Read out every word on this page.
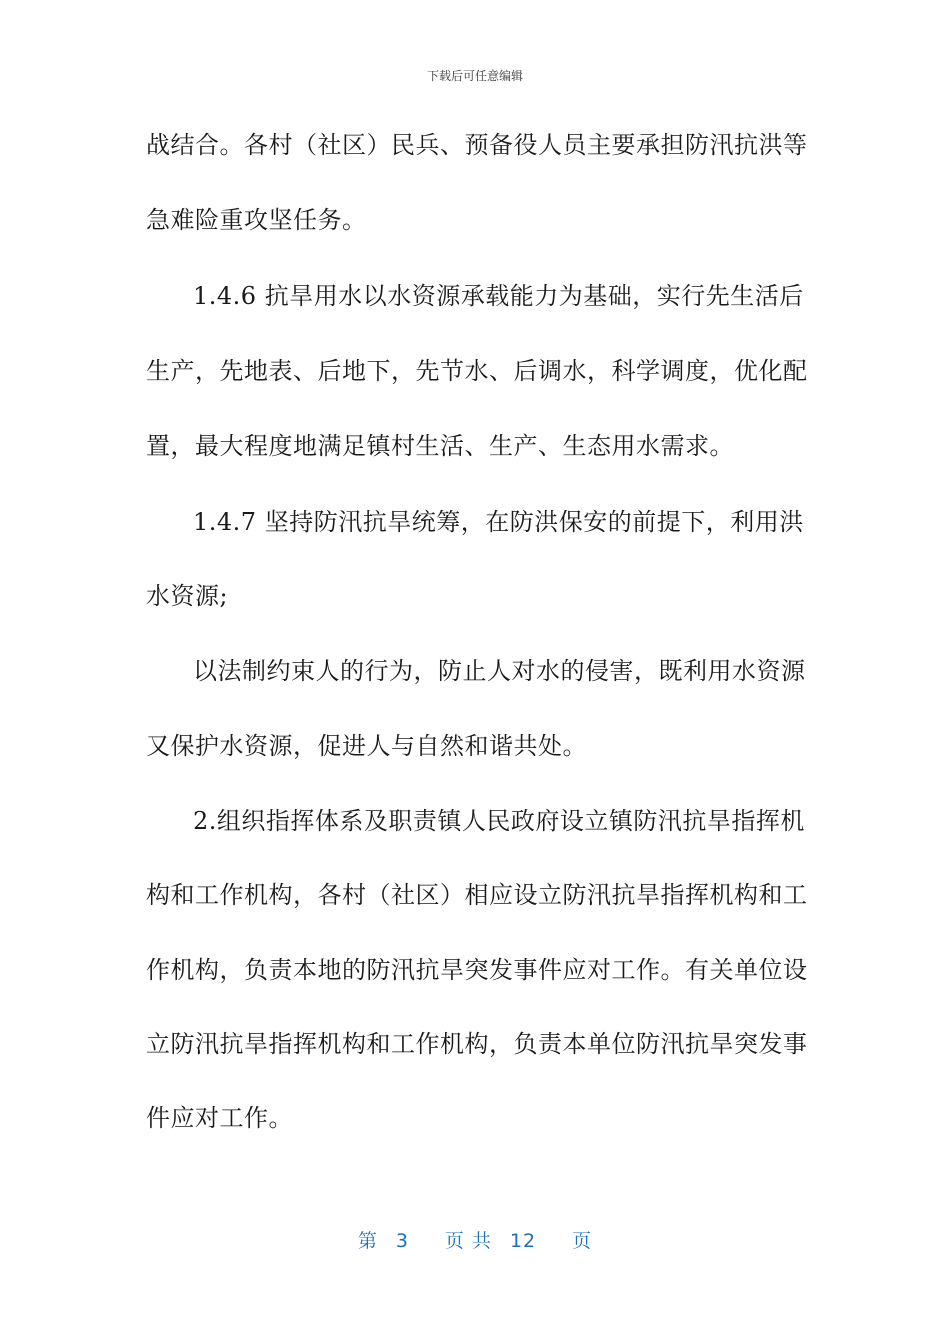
下载后可任意编辑
战结合。各村（社区）民兵、预备役人员主要承担防汛抗洪等
急难险重攻坚任务。
1.4.6 抗旱用水以水资源承载能力为基础，实行先生活后
生产，先地表、后地下，先节水、后调水，科学调度，优化配
置，最大程度地满足镇村生活、生产、生态用水需求。
1.4.7 坚持防汛抗旱统筹，在防洪保安的前提下，利用洪
水资源;
以法制约束人的行为，防止人对水的侵害，既利用水资源
又保护水资源，促进人与自然和谐共处。
2.组织指挥体系及职责镇人民政府设立镇防汛抗旱指挥机
构和工作机构，各村（社区）相应设立防汛抗旱指挥机构和工
作机构，负责本地的防汛抗旱突发事件应对工作。有关单位设
立防汛抗旱指挥机构和工作机构，负责本单位防汛抗旱突发事
件应对工作。
第 3 页 共 12 页
